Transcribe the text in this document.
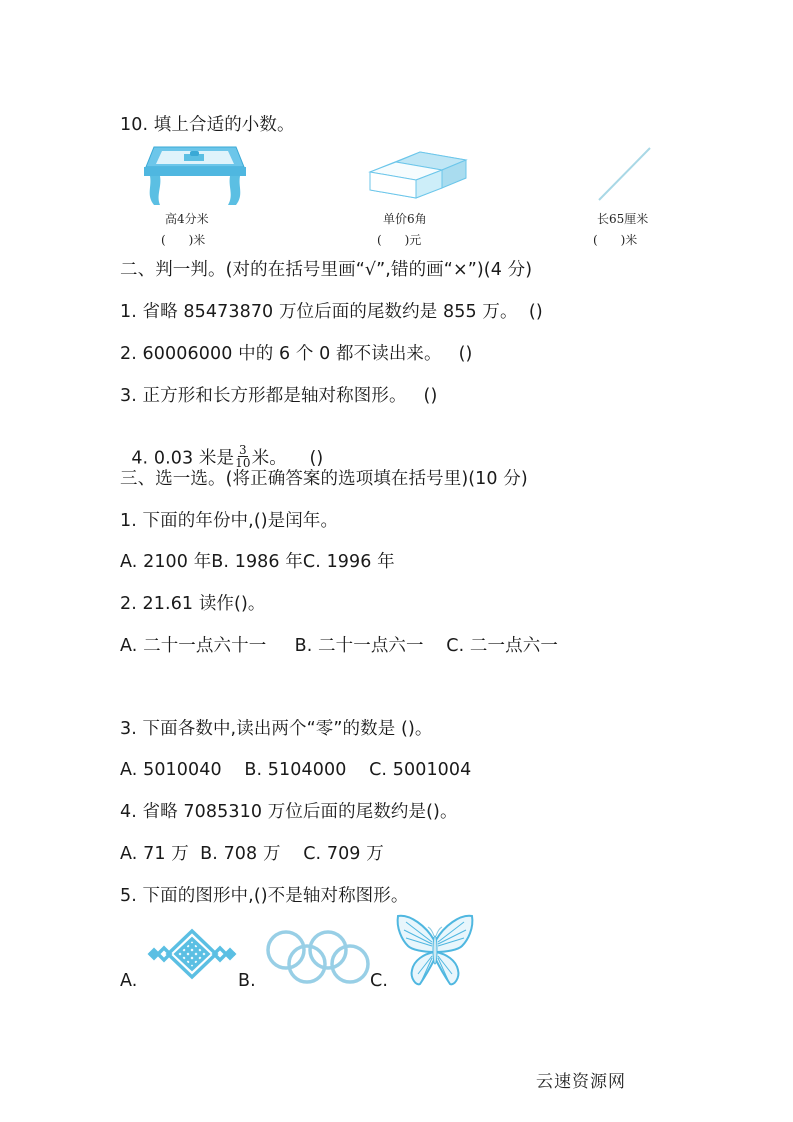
10. 填上合适的小数。
高4分米
(      )米
单价6角
(      )元
长65厘米
(      )米
二、判一判。(对的在括号里画“√”,错的画“×”)(4 分)
1. 省略 85473870 万位后面的尾数约是 855 万。  ()
2. 60006000 中的 6 个 0 都不读出来。   ()
3. 正方形和长方形都是轴对称图形。   ()

4. 0.03 米是 $\frac{3}{10}$ 米。    ()

三、选一选。(将正确答案的选项填在括号里)(10 分)
1. 下面的年份中,()是闰年。
A. 2100 年B. 1986 年C. 1996 年
2. 21.61 读作()。
A. 二十一点六十一     B. 二十一点六一    C. 二一点六一
3. 下面各数中,读出两个“零”的数是 ()。
A. 5010040    B. 5104000    C. 5001004
4. 省略 7085310 万位后面的尾数约是()。
A. 71 万  B. 708 万    C. 709 万
5. 下面的图形中,()不是轴对称图形。
A.	B.	C.
云速资源网
